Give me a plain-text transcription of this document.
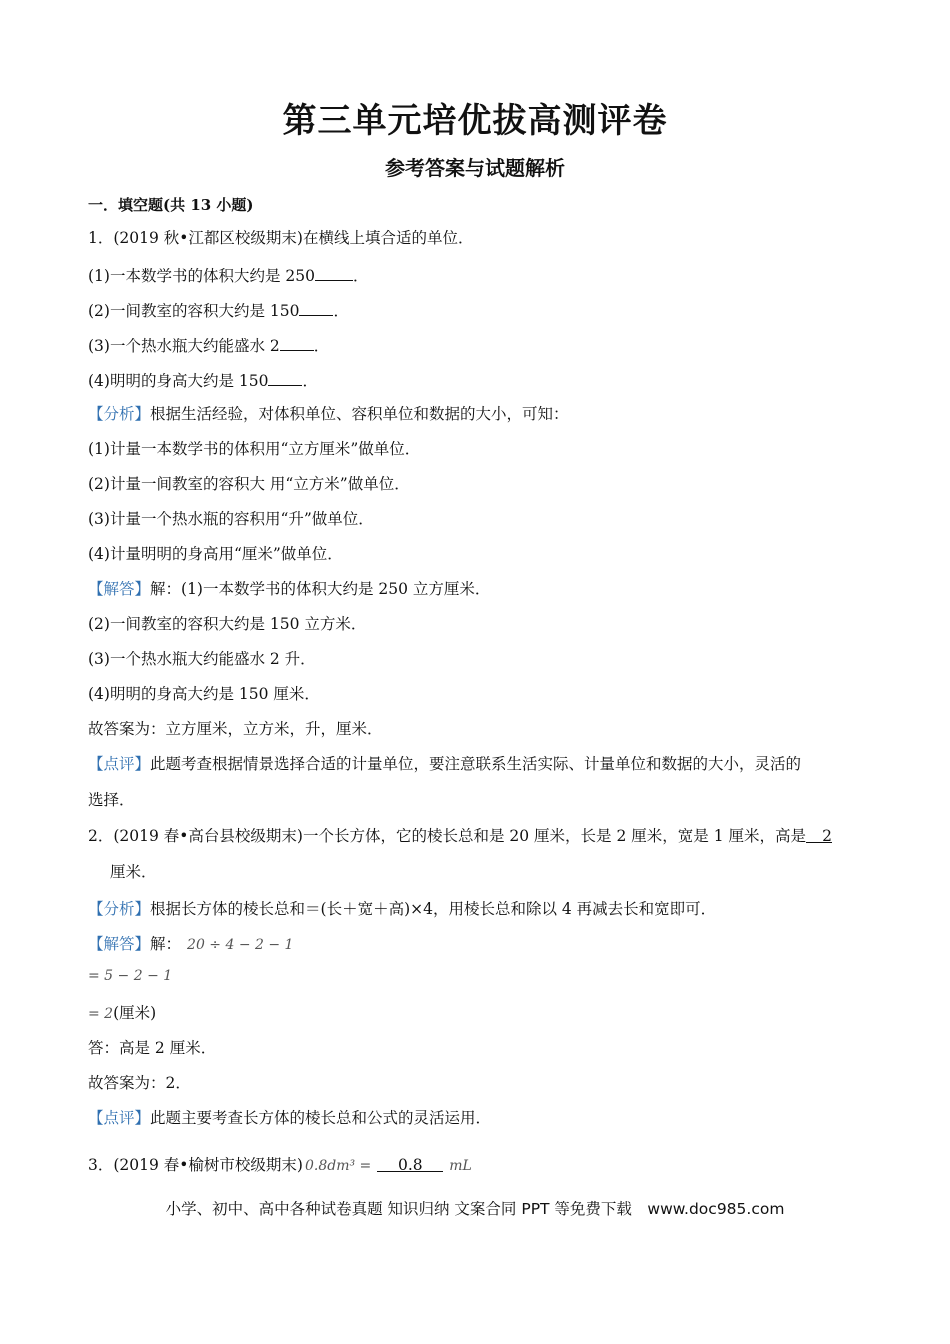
第三单元培优拔高测评卷
参考答案与试题解析
一．填空题(共 13 小题)
1．(2019 秋•江都区校级期末)在横线上填合适的单位．
(1)一本数学书的体积大约是 250 ．
(2)一间教室的容积大约是 150 ．
(3)一个热水瓶大约能盛水 2 ．
(4)明明的身高大约是 150 ．
【分析】根据生活经验，对体积单位、容积单位和数据的大小，可知：
(1)计量一本数学书的体积用“立方厘米”做单位．
(2)计量一间教室的容积大 用“立方米”做单位．
(3)计量一个热水瓶的容积用“升”做单位．
(4)计量明明的身高用“厘米”做单位．
【解答】解：(1)一本数学书的体积大约是 250 立方厘米．
(2)一间教室的容积大约是 150 立方米．
(3)一个热水瓶大约能盛水 2 升．
(4)明明的身高大约是 150 厘米．
故答案为：立方厘米，立方米，升，厘米．
【点评】此题考查根据情景选择合适的计量单位，要注意联系生活实际、计量单位和数据的大小，灵活的
选择．
2．(2019 春•高台县校级期末)一个长方体，它的棱长总和是 20 厘米，长是 2 厘米，宽是 1 厘米，高是 2
厘米．
【分析】根据长方体的棱长总和＝(长＋宽＋高)×4，用棱长总和除以 4 再减去长和宽即可．
【解答】解： 20 ÷ 4 − 2 − 1
= 5 − 2 − 1
= 2(厘米)
答：高是 2 厘米．
故答案为：2．
【点评】此题主要考查长方体的棱长总和公式的灵活运用．
3．(2019 春•榆树市校级期末) 0.8dm³ = 0.8 mL
小学、初中、高中各种试卷真题 知识归纳 文案合同 PPT 等免费下载　www.doc985.com
